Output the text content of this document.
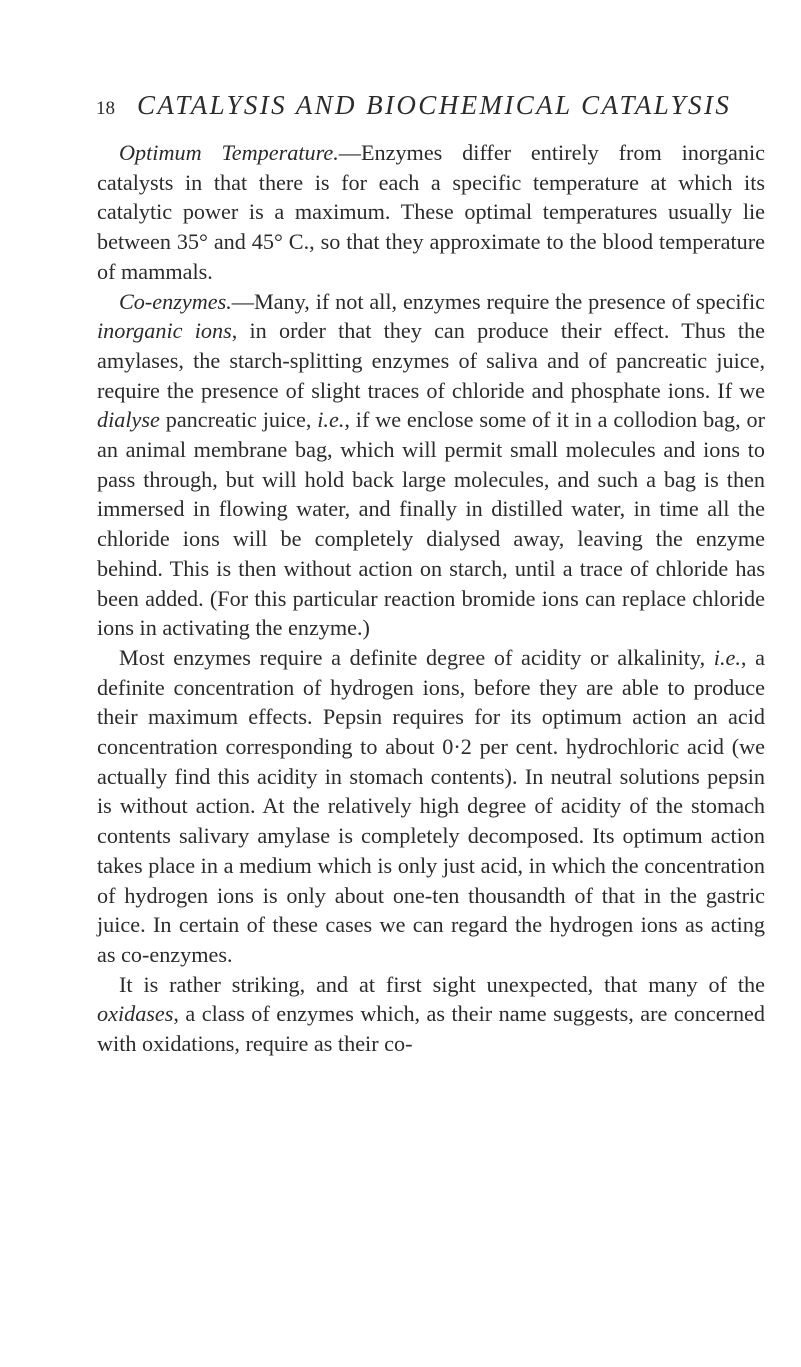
18 CATALYSIS AND BIOCHEMICAL CATALYSIS

Optimum Temperature.—Enzymes differ entirely from inorganic catalysts in that there is for each a specific temperature at which its catalytic power is a maximum. These optimal temperatures usually lie between 35° and 45° C., so that they approximate to the blood temperature of mammals.

Co-enzymes.—Many, if not all, enzymes require the presence of specific inorganic ions, in order that they can produce their effect. Thus the amylases, the starch-splitting enzymes of saliva and of pancreatic juice, require the presence of slight traces of chloride and phosphate ions. If we dialyse pancreatic juice, i.e., if we enclose some of it in a collodion bag, or an animal membrane bag, which will permit small molecules and ions to pass through, but will hold back large molecules, and such a bag is then immersed in flowing water, and finally in distilled water, in time all the chloride ions will be completely dialysed away, leaving the enzyme behind. This is then without action on starch, until a trace of chloride has been added. (For this particular reaction bromide ions can replace chloride ions in activating the enzyme.)

Most enzymes require a definite degree of acidity or alkalinity, i.e., a definite concentration of hydrogen ions, before they are able to produce their maximum effects. Pepsin requires for its optimum action an acid concentration corresponding to about 0·2 per cent. hydrochloric acid (we actually find this acidity in stomach contents). In neutral solutions pepsin is without action. At the relatively high degree of acidity of the stomach contents salivary amylase is completely decomposed. Its optimum action takes place in a medium which is only just acid, in which the concentration of hydrogen ions is only about one-ten thousandth of that in the gastric juice. In certain of these cases we can regard the hydrogen ions as acting as co-enzymes.

It is rather striking, and at first sight unexpected, that many of the oxidases, a class of enzymes which, as their name suggests, are concerned with oxidations, require as their co-
